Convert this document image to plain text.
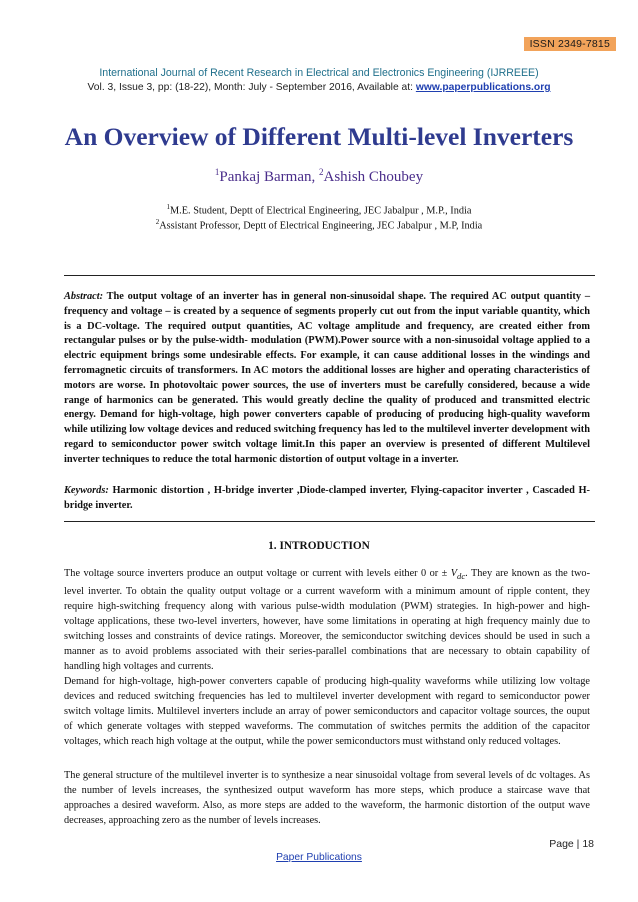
ISSN 2349-7815
International Journal of Recent Research in Electrical and Electronics Engineering (IJRREEE)
Vol. 3, Issue 3, pp: (18-22), Month: July - September 2016, Available at: www.paperpublications.org
An Overview of Different Multi-level Inverters
$^1$Pankaj Barman, $^2$Ashish Choubey
$^1$M.E. Student, Deptt of Electrical Engineering, JEC Jabalpur , M.P., India
$^2$Assistant Professor, Deptt of Electrical Engineering, JEC Jabalpur , M.P, India

Abstract: The output voltage of an inverter has in general non-sinusoidal shape. The required AC output quantity – frequency and voltage – is created by a sequence of segments properly cut out from the input variable quantity, which is a DC-voltage. The required output quantities, AC voltage amplitude and frequency, are created either from rectangular pulses or by the pulse-width- modulation (PWM).Power source with a non-sinusoidal voltage applied to a electric equipment brings some undesirable effects. For example, it can cause additional losses in the windings and ferromagnetic circuits of transformers. In AC motors the additional losses are higher and operating characteristics of motors are worse. In photovoltaic power sources, the use of inverters must be carefully considered, because a wide range of harmonics can be generated. This would greatly decline the quality of produced and transmitted electric energy. Demand for high-voltage, high power converters capable of producing of producing high-quality waveform while utilizing low voltage devices and reduced switching frequency has led to the multilevel inverter development with regard to semiconductor power switch voltage limit.In this paper an overview is presented of different Multilevel inverter techniques to reduce the total harmonic distortion of output voltage in a inverter.

Keywords: Harmonic distortion , H-bridge inverter ,Diode-clamped inverter, Flying-capacitor inverter , Cascaded H-bridge inverter.

1. INTRODUCTION

The voltage source inverters produce an output voltage or current with levels either 0 or ± $V_{dc}$. They are known as the two-level inverter. To obtain the quality output voltage or a current waveform with a minimum amount of ripple content, they require high-switching frequency along with various pulse-width modulation (PWM) strategies. In high-power and high-voltage applications, these two-level inverters, however, have some limitations in operating at high frequency mainly due to switching losses and constraints of device ratings. Moreover, the semiconductor switching devices should be used in such a manner as to avoid problems associated with their series-parallel combinations that are necessary to obtain capability of handling high voltages and currents.

Demand for high-voltage, high-power converters capable of producing high-quality waveforms while utilizing low voltage devices and reduced switching frequencies has led to multilevel inverter development with regard to semiconductor power switch voltage limits. Multilevel inverters include an array of power semiconductors and capacitor voltage sources, the ouput of which generate voltages with stepped waveforms. The commutation of switches permits the addition of the capacitor voltages, which reach high voltage at the output, while the power semiconductors must withstand only reduced voltages.

The general structure of the multilevel inverter is to synthesize a near sinusoidal voltage from several levels of dc voltages. As the number of levels increases, the synthesized output waveform has more steps, which produce a staircase wave that approaches a desired waveform. Also, as more steps are added to the waveform, the harmonic distortion of the output wave decreases, approaching zero as the number of levels increases.

Page | 18
Paper Publications
